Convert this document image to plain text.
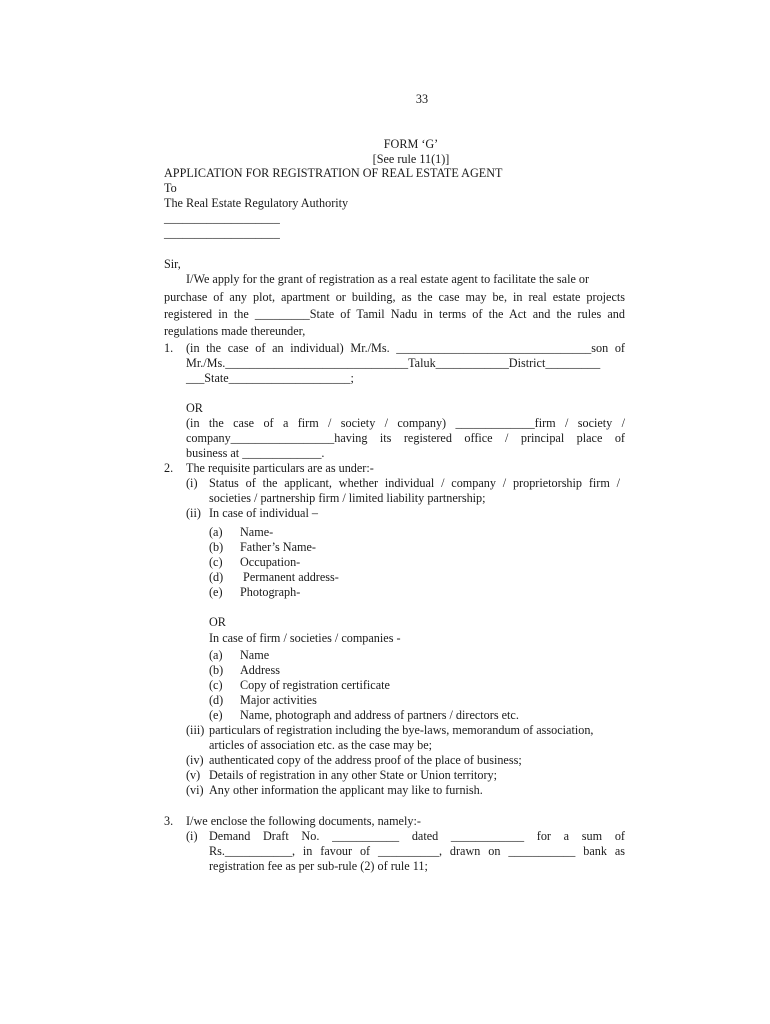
33
FORM ‘G’
[See rule 11(1)]
APPLICATION FOR REGISTRATION OF REAL ESTATE AGENT
To
The Real Estate Regulatory Authority
___________________
___________________
Sir,
I/We apply for the grant of registration as a real estate agent to facilitate the sale or
purchase of any plot, apartment or building, as the case may be, in real estate projects
registered in the _________State of Tamil Nadu in terms of the Act and the rules and
regulations made thereunder,
1. (in the case of an individual) Mr./Ms. ________________________________son of
Mr./Ms.______________________________Taluk____________District_________
___State____________________;
OR
(in the case of a firm / society / company) _____________firm / society /
company_________________having its registered office / principal place of
business at _____________.
2. The requisite particulars are as under:-
(i) Status of the applicant, whether individual / company / proprietorship firm /
societies / partnership firm / limited liability partnership;
(ii) In case of individual –
(a) Name-
(b) Father’s Name-
(c) Occupation-
(d) Permanent address-
(e) Photograph-
OR
In case of firm / societies / companies -
(a) Name
(b) Address
(c) Copy of registration certificate
(d) Major activities
(e) Name, photograph and address of partners / directors etc.
(iii) particulars of registration including the bye-laws, memorandum of association,
articles of association etc. as the case may be;
(iv) authenticated copy of the address proof of the place of business;
(v) Details of registration in any other State or Union territory;
(vi) Any other information the applicant may like to furnish.
3. I/we enclose the following documents, namely:-
(i) Demand Draft No. ___________ dated ____________ for a sum of
Rs.___________, in favour of __________, drawn on ___________ bank as
registration fee as per sub-rule (2) of rule 11;
